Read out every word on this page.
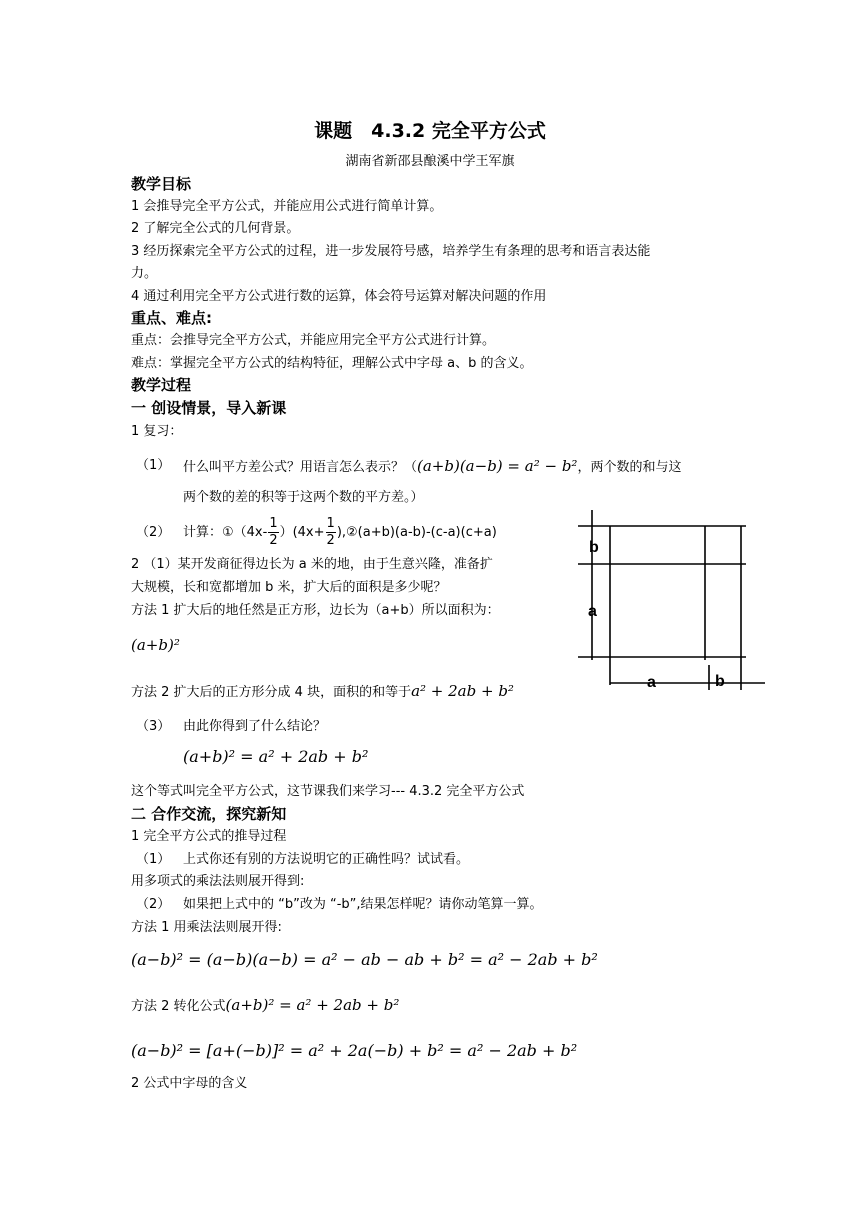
课题　4.3.2 完全平方公式
湖南省新邵县酿溪中学王军旗
教学目标
1 会推导完全平方公式，并能应用公式进行简单计算。
2 了解完全公式的几何背景。
3 经历探索完全平方公式的过程，进一步发展符号感，培养学生有条理的思考和语言表达能
力。
4 通过利用完全平方公式进行数的运算，体会符号运算对解决问题的作用
重点、难点:
重点：会推导完全平方公式，并能应用完全平方公式进行计算。
难点：掌握完全平方公式的结构特征，理解公式中字母 a、b 的含义。
教学过程
一 创设情景，导入新课
1 复习：
（1） 什么叫平方差公式？用语言怎么表示？（(a+b)(a−b) = a² − b²，两个数的和与这
两个数的差的积等于这两个数的平方差。）
（2） 计算：①（4x- $\frac{1}{2} )(4x+ \frac{1}{2}$ ),②(a+b)(a-b)-(c-a)(c+a)
2 （1）某开发商征得边长为 a 米的地，由于生意兴隆，准备扩
大规模，长和宽都增加 b 米，扩大后的面积是多少呢？
方法 1 扩大后的地任然是正方形，边长为（a+b）所以面积为：
(a+b)²
方法 2 扩大后的正方形分成 4 块，面积的和等于a² + 2ab + b²
（3） 由此你得到了什么结论？
(a+b)² = a² + 2ab + b²
这个等式叫完全平方公式，这节课我们来学习--- 4.3.2 完全平方公式
二 合作交流，探究新知
1 完全平方公式的推导过程
（1） 上式你还有别的方法说明它的正确性吗？试试看。
用多项式的乘法法则展开得到:
（2） 如果把上式中的 “b”改为 “-b”,结果怎样呢？请你动笔算一算。
方法 1 用乘法法则展开得:
(a−b)² = (a−b)(a−b) = a² − ab − ab + b² = a² − 2ab + b²
方法 2 转化公式(a+b)² = a² + 2ab + b²
(a−b)² = [a+(−b)]² = a² + 2a(−b) + b² = a² − 2ab + b²
2 公式中字母的含义
b
a
a	b
